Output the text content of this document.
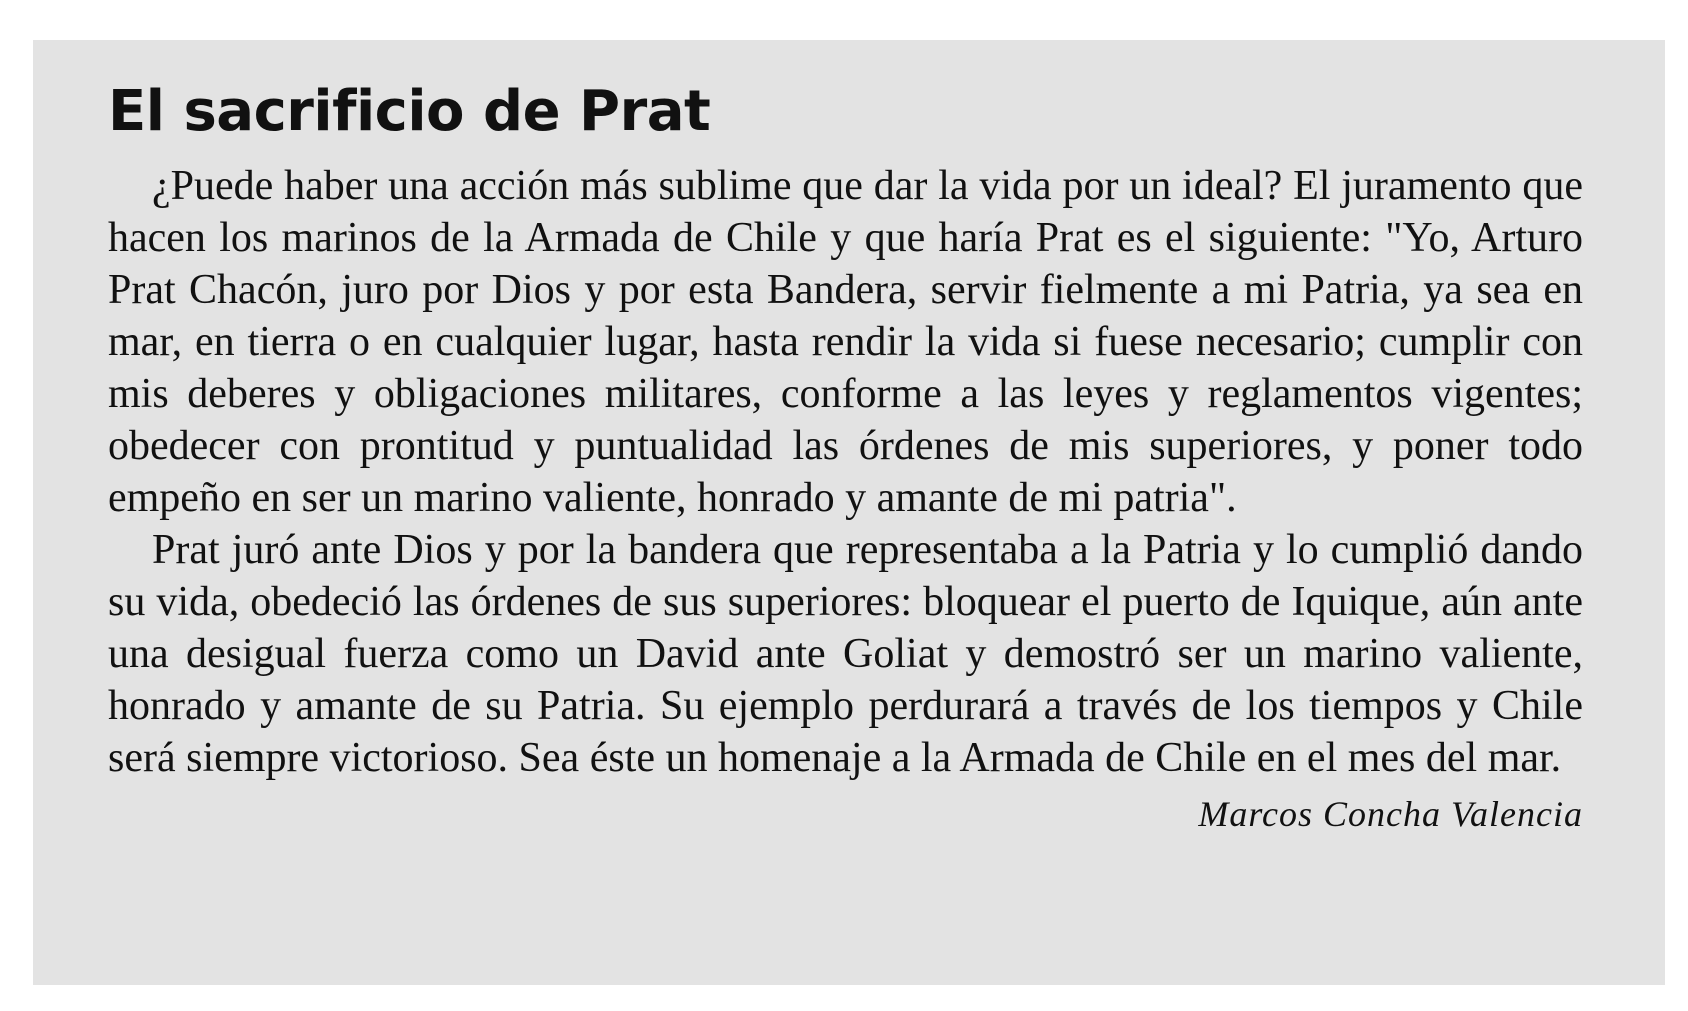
El sacrificio de Prat

¿Puede haber una acción más sublime que dar la vida por un ideal? El juramento que hacen los marinos de la Armada de Chile y que haría Prat es el siguiente: "Yo, Arturo Prat Chacón, juro por Dios y por esta Bandera, servir fielmente a mi Patria, ya sea en mar, en tierra o en cualquier lugar, hasta rendir la vida si fuese necesario; cumplir con mis deberes y obligaciones militares, conforme a las leyes y reglamentos vigentes; obedecer con prontitud y puntualidad las órdenes de mis superiores, y poner todo empeño en ser un marino valiente, honrado y amante de mi patria".

Prat juró ante Dios y por la bandera que representaba a la Patria y lo cumplió dando su vida, obedeció las órdenes de sus superiores: bloquear el puerto de Iquique, aún ante una desigual fuerza como un David ante Goliat y demostró ser un marino valiente, honrado y amante de su Patria. Su ejemplo perdurará a través de los tiempos y Chile será siempre victorioso. Sea éste un homenaje a la Armada de Chile en el mes del mar.

Marcos Concha Valencia
